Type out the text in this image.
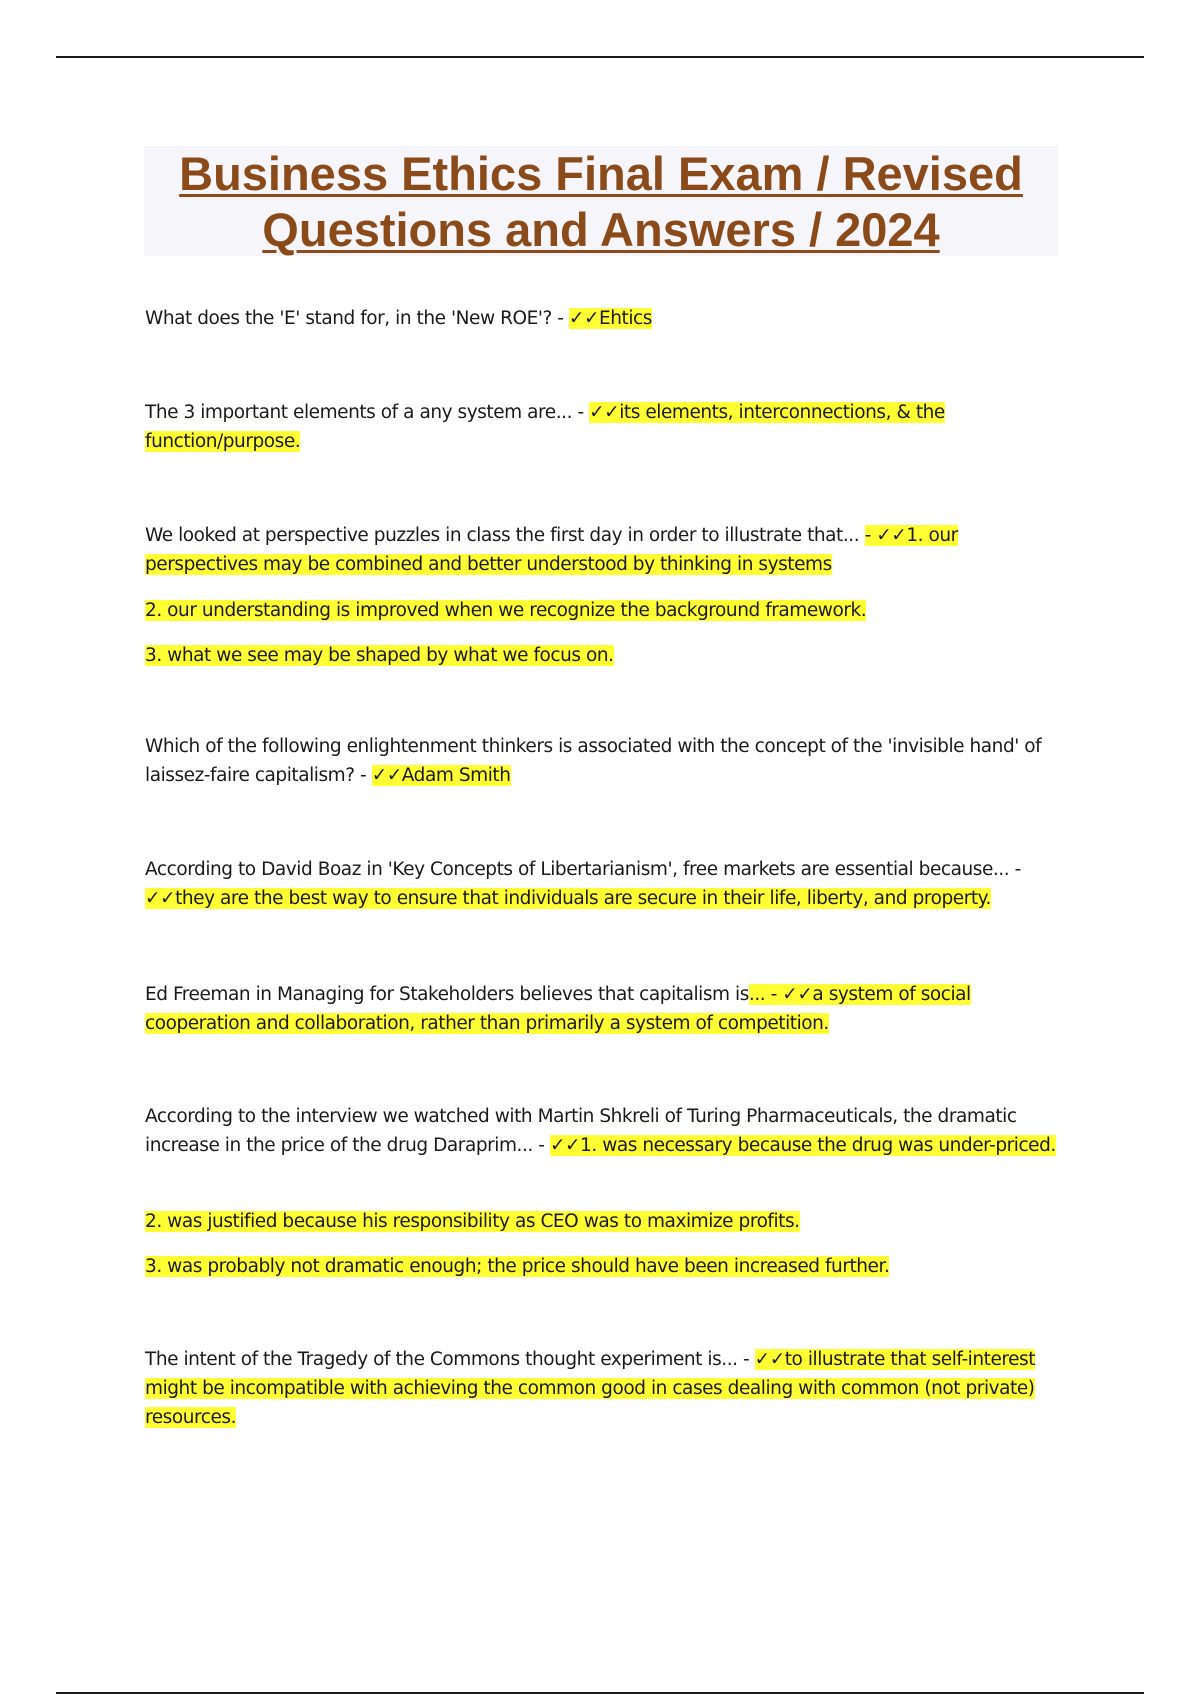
Business Ethics Final Exam / Revised
Questions and Answers / 2024
What does the 'E' stand for, in the 'New ROE'? - ✓✓Ehtics
The 3 important elements of a any system are... - ✓✓its elements, interconnections, & the function/purpose.
We looked at perspective puzzles in class the first day in order to illustrate that... - ✓✓1. our perspectives may be combined and better understood by thinking in systems
2. our understanding is improved when we recognize the background framework.
3. what we see may be shaped by what we focus on.
Which of the following enlightenment thinkers is associated with the concept of the 'invisible hand' of laissez-faire capitalism? - ✓✓Adam Smith
According to David Boaz in 'Key Concepts of Libertarianism', free markets are essential because... - ✓✓they are the best way to ensure that individuals are secure in their life, liberty, and property.
Ed Freeman in Managing for Stakeholders believes that capitalism is... - ✓✓a system of social cooperation and collaboration, rather than primarily a system of competition.
According to the interview we watched with Martin Shkreli of Turing Pharmaceuticals, the dramatic increase in the price of the drug Daraprim... - ✓✓1. was necessary because the drug was under-priced.
2. was justified because his responsibility as CEO was to maximize profits.
3. was probably not dramatic enough; the price should have been increased further.
The intent of the Tragedy of the Commons thought experiment is... - ✓✓to illustrate that self-interest might be incompatible with achieving the common good in cases dealing with common (not private) resources.
